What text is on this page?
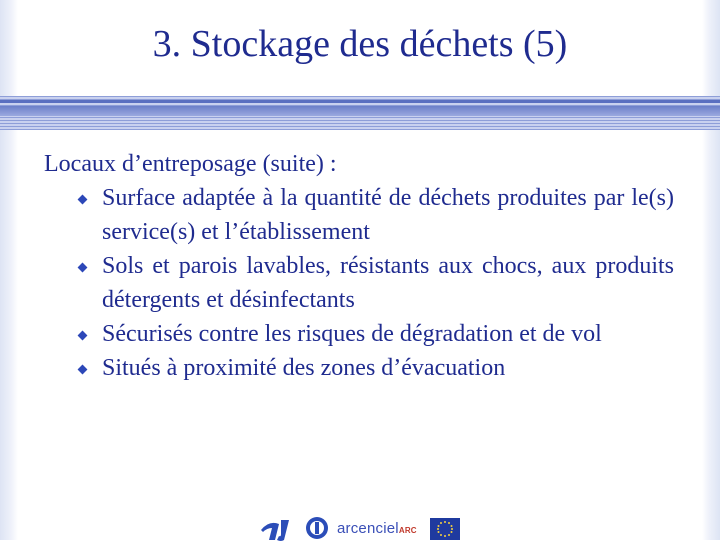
3. Stockage des déchets (5)
Locaux d’entreposage (suite) :
Surface adaptée à la quantité de déchets produites par le(s) service(s) et l’établissement
Sols et parois lavables, résistants aux chocs, aux produits détergents et désinfectants
Sécurisés contre les risques de dégradation et de vol
Situés à proximité des zones d’évacuation
arcencielARC
